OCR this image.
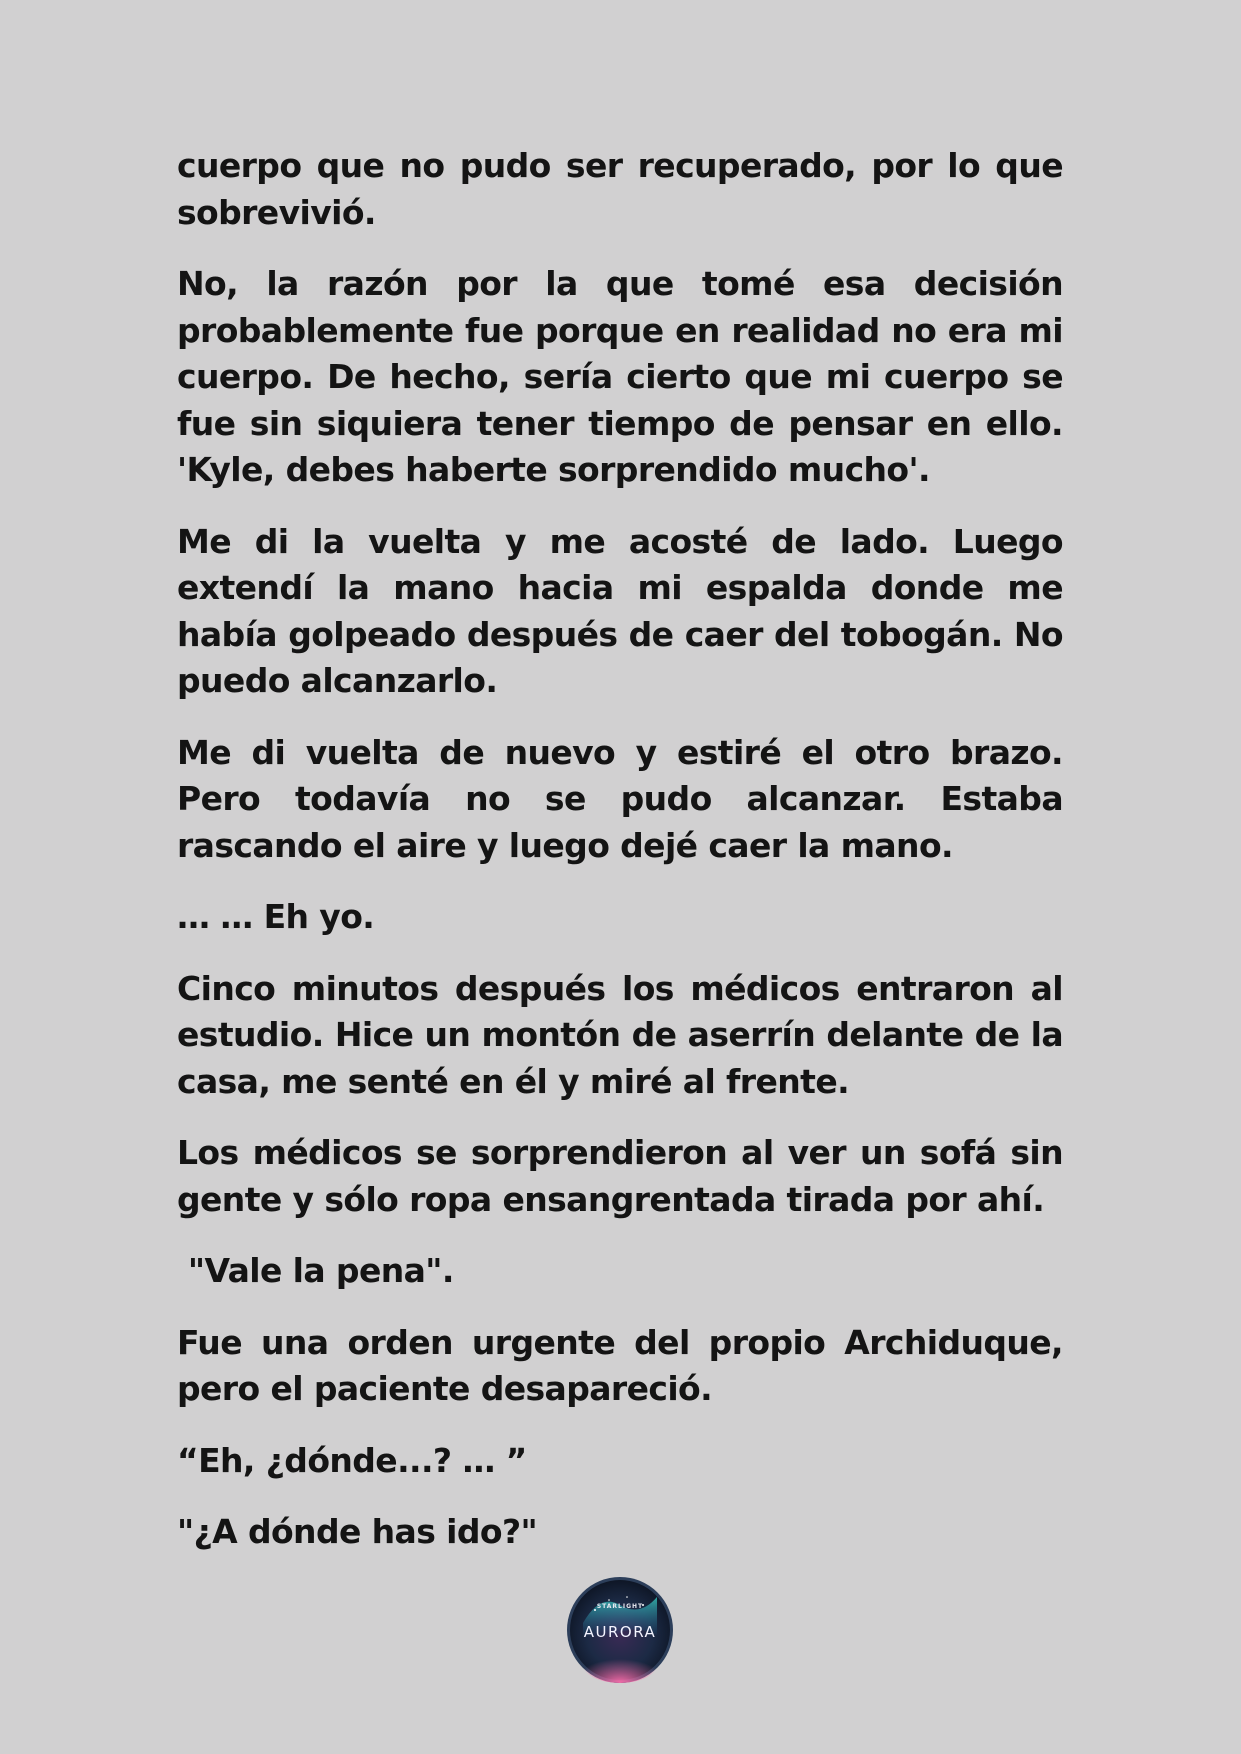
cuerpo que no pudo ser recuperado, por lo que sobrevivió.

No, la razón por la que tomé esa decisión probablemente fue porque en realidad no era mi cuerpo. De hecho, sería cierto que mi cuerpo se fue sin siquiera tener tiempo de pensar en ello. 'Kyle, debes haberte sorprendido mucho'.

Me di la vuelta y me acosté de lado. Luego extendí la mano hacia mi espalda donde me había golpeado después de caer del tobogán. No puedo alcanzarlo.

Me di vuelta de nuevo y estiré el otro brazo. Pero todavía no se pudo alcanzar. Estaba rascando el aire y luego dejé caer la mano.

… … Eh yo.

Cinco minutos después los médicos entraron al estudio. Hice un montón de aserrín delante de la casa, me senté en él y miré al frente.

Los médicos se sorprendieron al ver un sofá sin gente y sólo ropa ensangrentada tirada por ahí.

"Vale la pena".

Fue una orden urgente del propio Archiduque, pero el paciente desapareció.

“Eh, ¿dónde...? … ”

"¿A dónde has ido?"

STARLIGHT
AURORA
